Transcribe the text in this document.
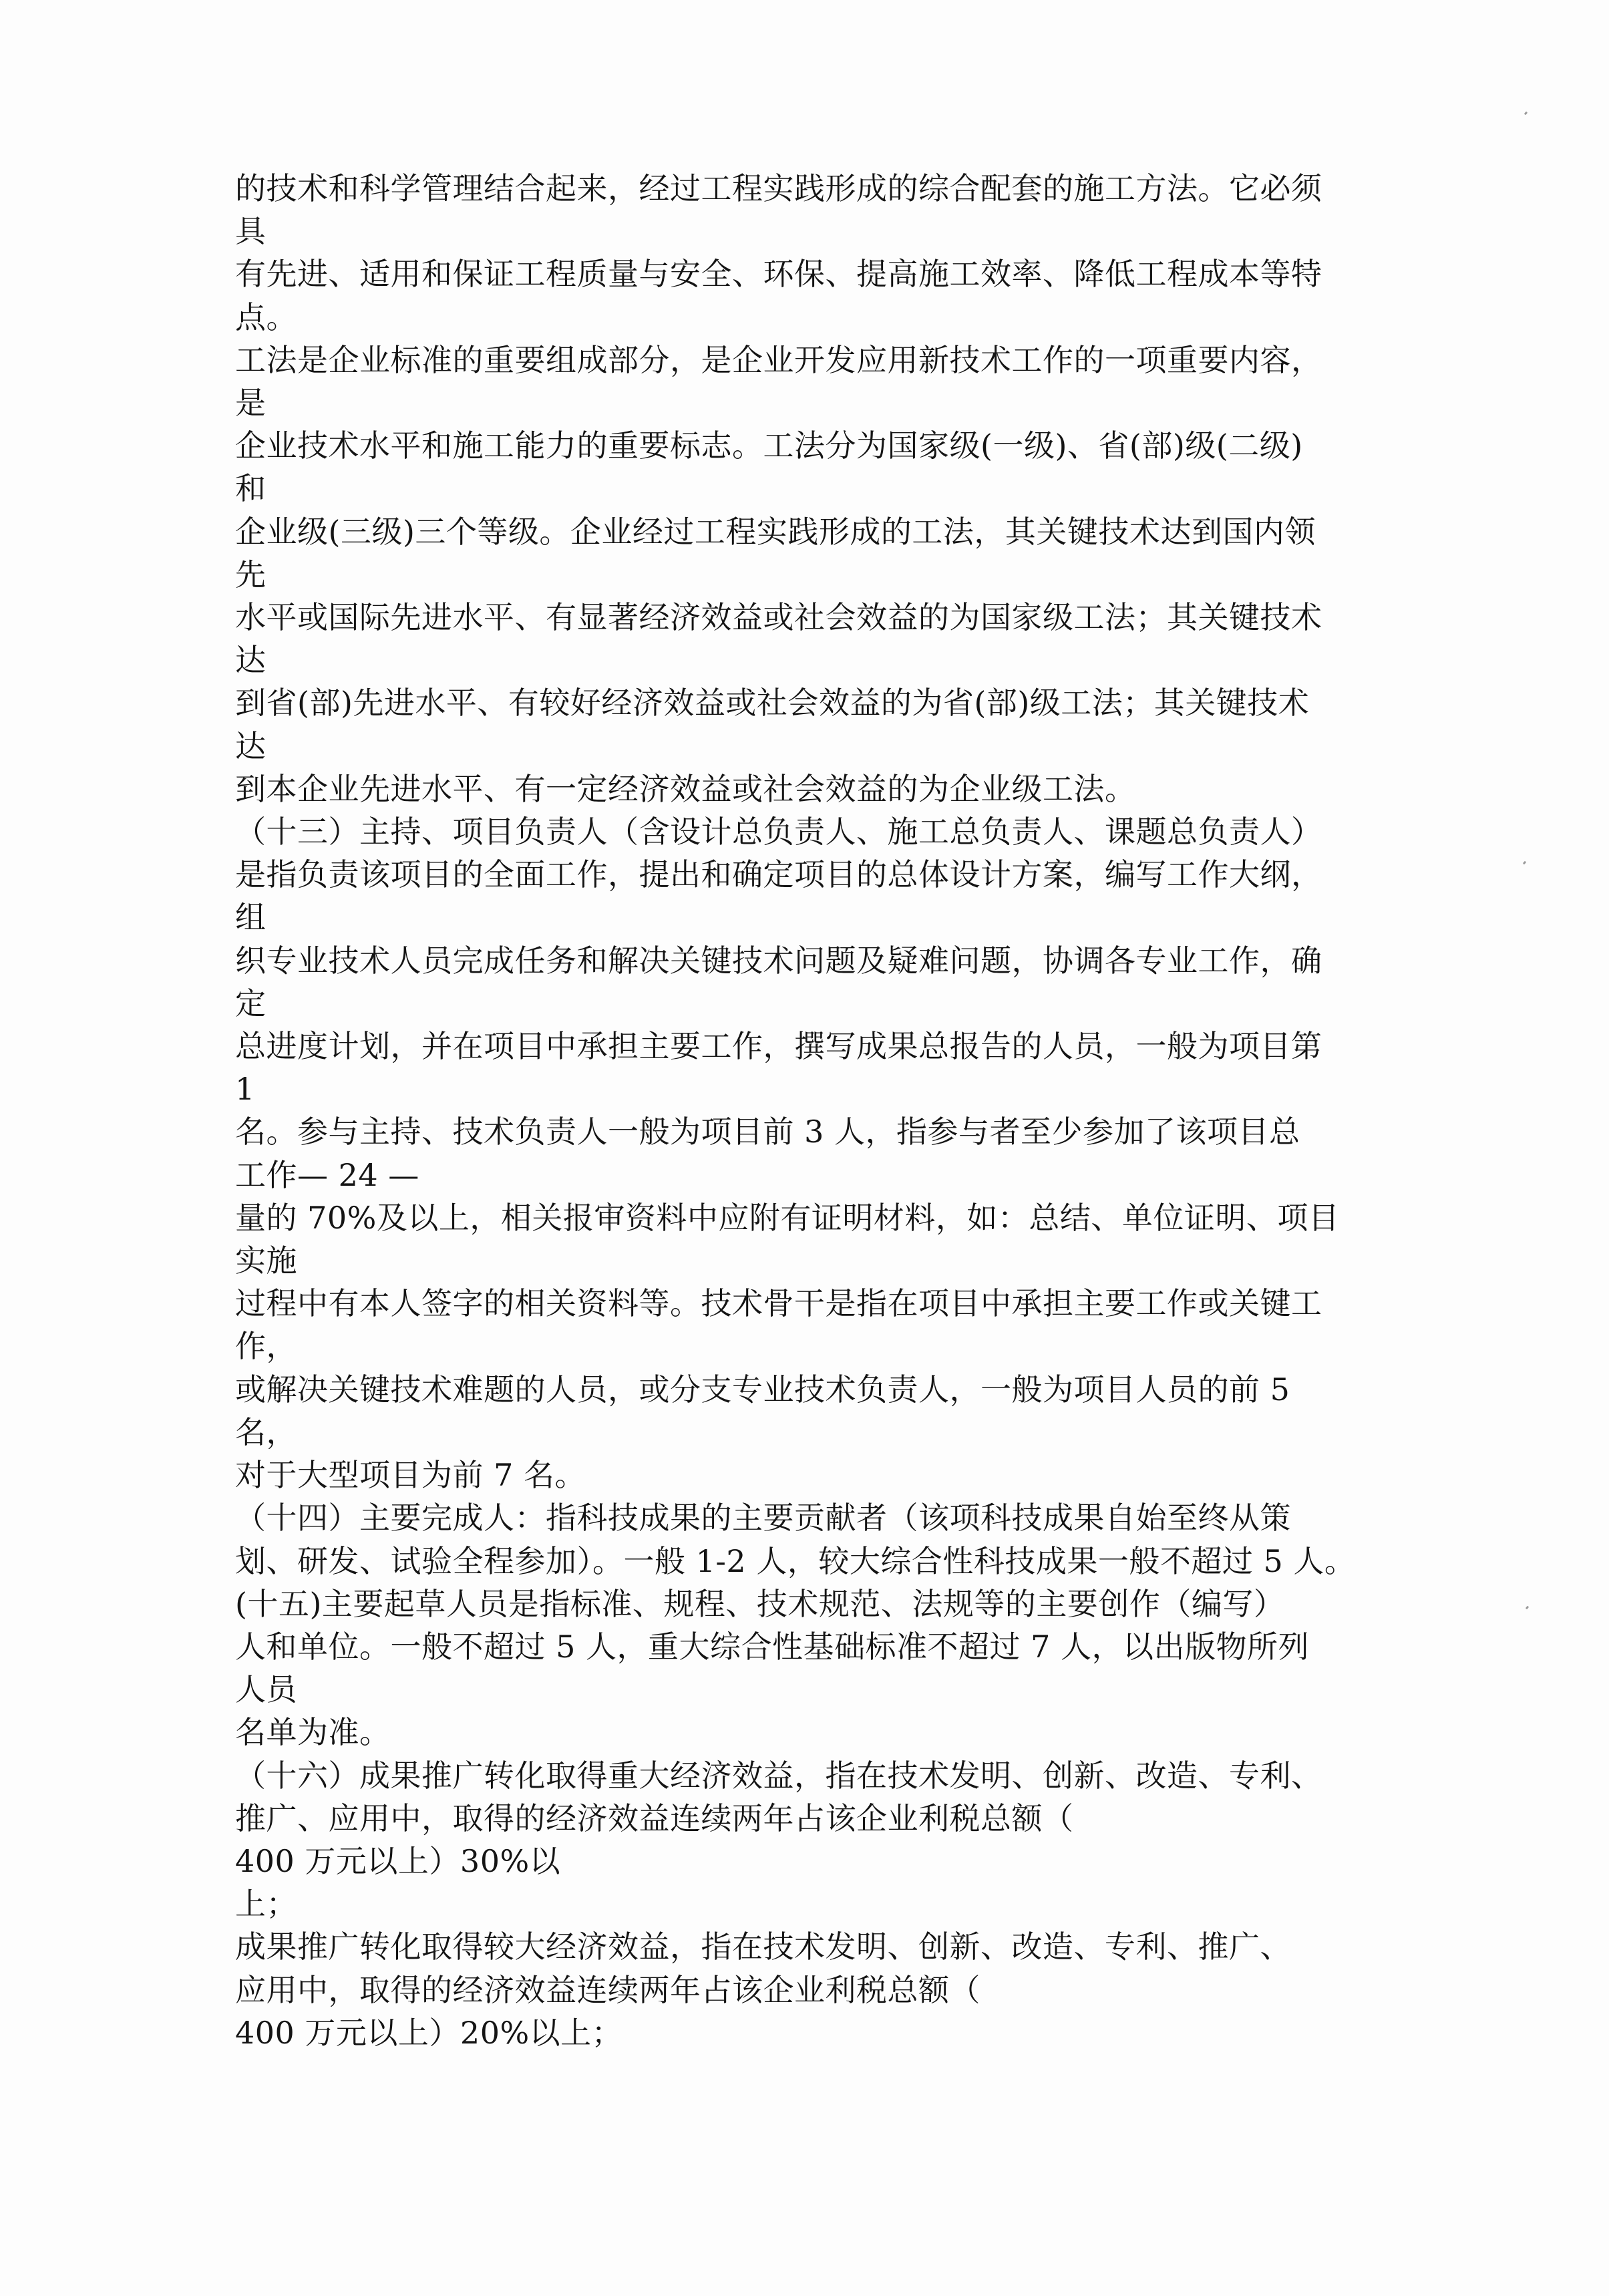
的技术和科学管理结合起来，经过工程实践形成的综合配套的施工方法。它必须
具
有先进、适用和保证工程质量与安全、环保、提高施工效率、降低工程成本等特
点。
工法是企业标准的重要组成部分，是企业开发应用新技术工作的一项重要内容，
是
企业技术水平和施工能力的重要标志。工法分为国家级(一级)、省(部)级(二级)
和
企业级(三级)三个等级。企业经过工程实践形成的工法，其关键技术达到国内领
先
水平或国际先进水平、有显著经济效益或社会效益的为国家级工法；其关键技术
达
到省(部)先进水平、有较好经济效益或社会效益的为省(部)级工法；其关键技术
达
到本企业先进水平、有一定经济效益或社会效益的为企业级工法。
（十三）主持、项目负责人（含设计总负责人、施工总负责人、课题总负责人）
是指负责该项目的全面工作，提出和确定项目的总体设计方案，编写工作大纲，
组
织专业技术人员完成任务和解决关键技术问题及疑难问题，协调各专业工作，确
定
总进度计划，并在项目中承担主要工作，撰写成果总报告的人员，一般为项目第
1
名。参与主持、技术负责人一般为项目前 3 人，指参与者至少参加了该项目总
工作— 24 —
量的 70%及以上，相关报审资料中应附有证明材料，如：总结、单位证明、项目
实施
过程中有本人签字的相关资料等。技术骨干是指在项目中承担主要工作或关键工
作，
或解决关键技术难题的人员，或分支专业技术负责人，一般为项目人员的前 5
名，
对于大型项目为前 7 名。
（十四）主要完成人：指科技成果的主要贡献者（该项科技成果自始至终从策
划、研发、试验全程参加）。一般 1-2 人，较大综合性科技成果一般不超过 5 人。
(十五)主要起草人员是指标准、规程、技术规范、法规等的主要创作（编写）
人和单位。一般不超过 5 人，重大综合性基础标准不超过 7 人，以出版物所列
人员
名单为准。
（十六）成果推广转化取得重大经济效益，指在技术发明、创新、改造、专利、
推广、应用中，取得的经济效益连续两年占该企业利税总额（
400 万元以上）30%以
上；
成果推广转化取得较大经济效益，指在技术发明、创新、改造、专利、推广、
应用中，取得的经济效益连续两年占该企业利税总额（
400 万元以上）20%以上；
